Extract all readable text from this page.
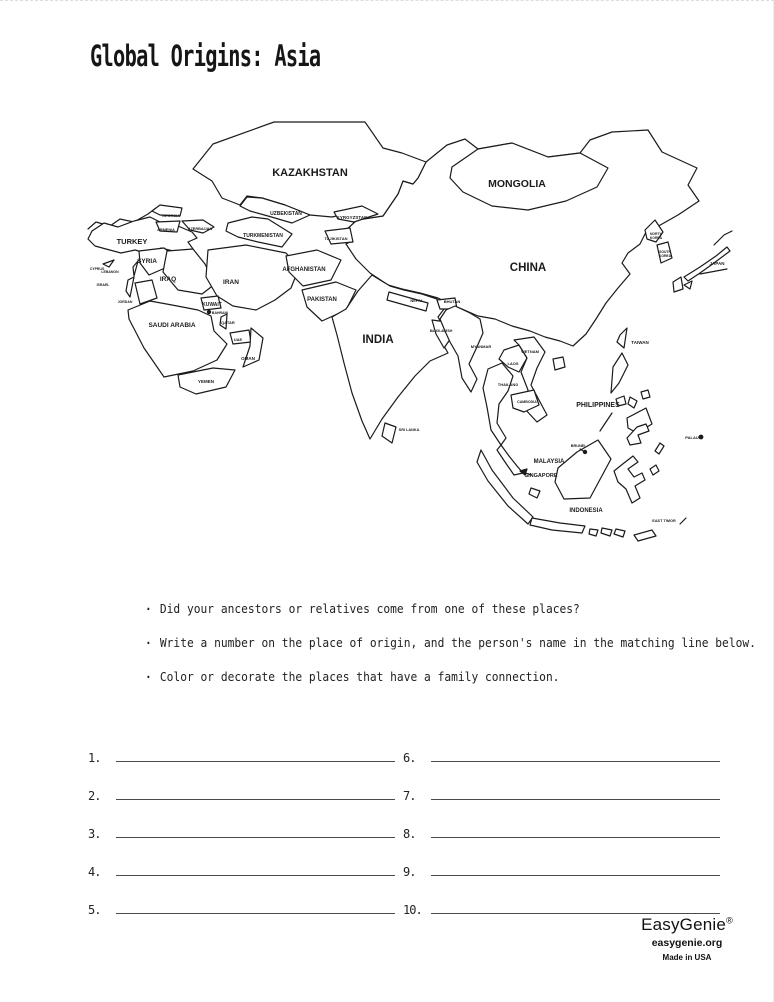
Global Origins: Asia
KAZAKHSTAN
MONGOLIA
CHINA
INDIA
TURKEY
GEORGIA
ARMENIA	AZERBAIJAN
UZBEKISTAN
TURKMENISTAN
KYRGYZSTAN
TAJIKISTAN
CYPRUS
SYRIA
LEBANON
ISRAEL
JORDAN
IRAQ	IRAN
AFGHANISTAN
PAKISTAN
KUWAIT
BAHRAIN
QATAR
UAE
OMAN
SAUDI ARABIA
YEMEN
NEPAL	BHUTAN
BANGLADESH
MYANMAR
VIETNAM
LAOS
THAILAND
CAMBODIA
TAIWAN
PHILIPPINES
SRI LANKA
PALAU
BRUNEI
MALAYSIA
SINGAPORE
INDONESIA
EAST TIMOR
NORTH KOREA
SOUTH KOREA
JAPAN
· Did your ancestors or relatives come from one of these places?
· Write a number on the place of origin, and the person's name in the matching line below.
· Color or decorate the places that have a family connection.
1.
2.
3.
4.
5.
6.
7.
8.
9.
10.
EasyGenie®
easygenie.org
Made in USA
